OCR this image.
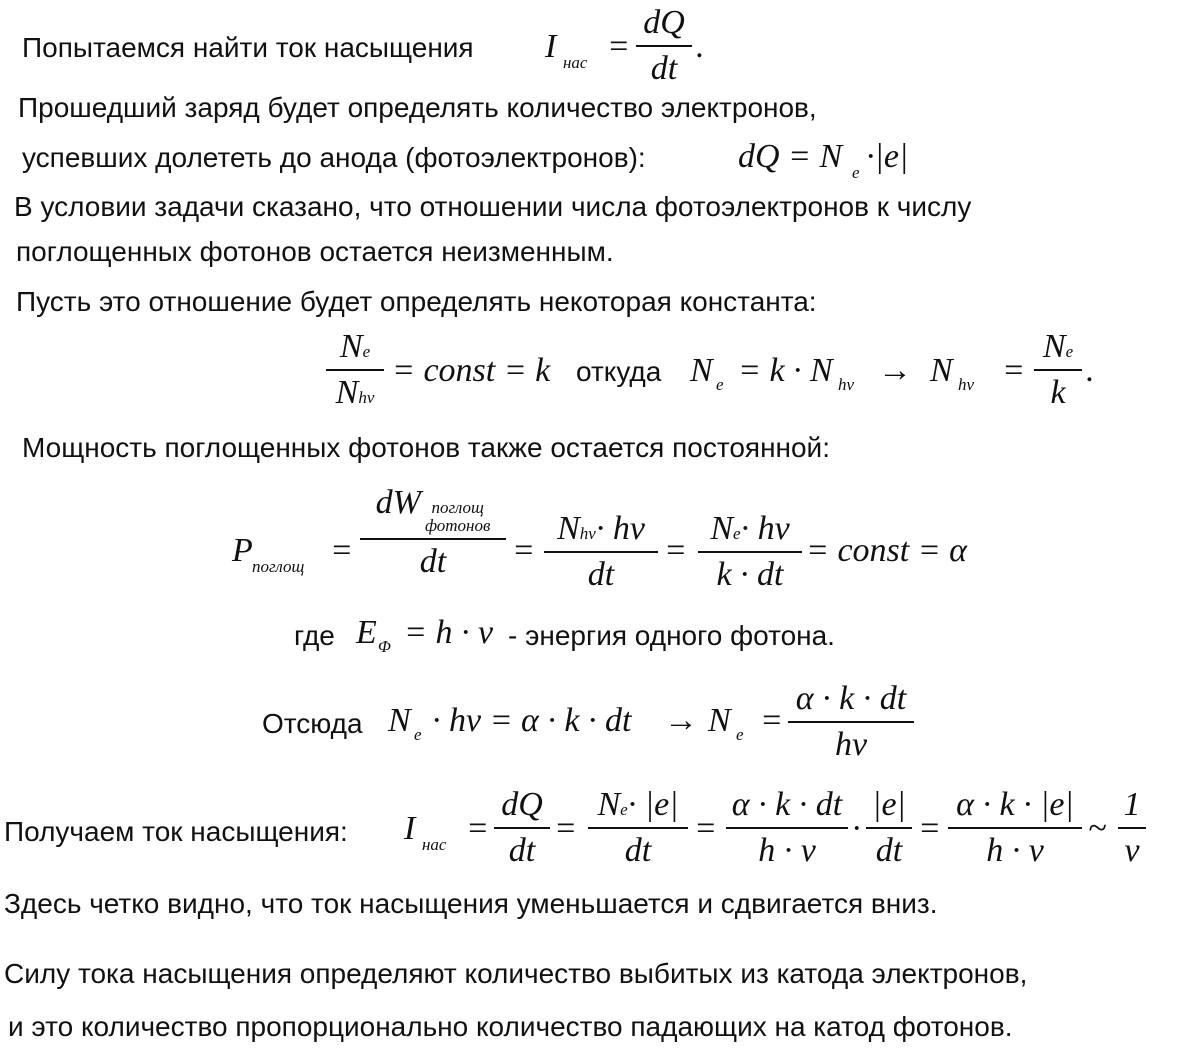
Попытаемся найти ток насыщения
Прошедший заряд будет определять количество электронов,
успевших долететь до анода (фотоэлектронов):
В условии задачи сказано, что отношении числа фотоэлектронов к числу
поглощенных фотонов остается неизменным.
Пусть это отношение будет определять некоторая константа:
Мощность поглощенных фотонов также остается постоянной:
Здесь четко видно, что ток насыщения уменьшается и сдвигается вниз.
Силу тока насыщения определяют количество выбитых из катода электронов,
и это количество пропорционально количество падающих на катод фотонов.
I нас =
dQ
dt
.
dQ = N e ·|e|
Ne
Nhν
= const = k откуда N e = k · N hν → N hν =
Ne
k
.
P поглощ =
dW поглощ
фотонов
dt =
Nhν· hν
dt
=
Ne· hν
k · dt
= const = α
где E Φ = h · ν - энергия одного фотона.
Отсюда N e · hν = α · k · dt → N e =
α · k · dt
hν
Получаем ток насыщения: I нас =
dQ
dt
=
Ne· |e|
dt
=
α · k · dt
h · ν
·
|e|
dt
=
α · k · |e|
h · ν
~
1
ν
